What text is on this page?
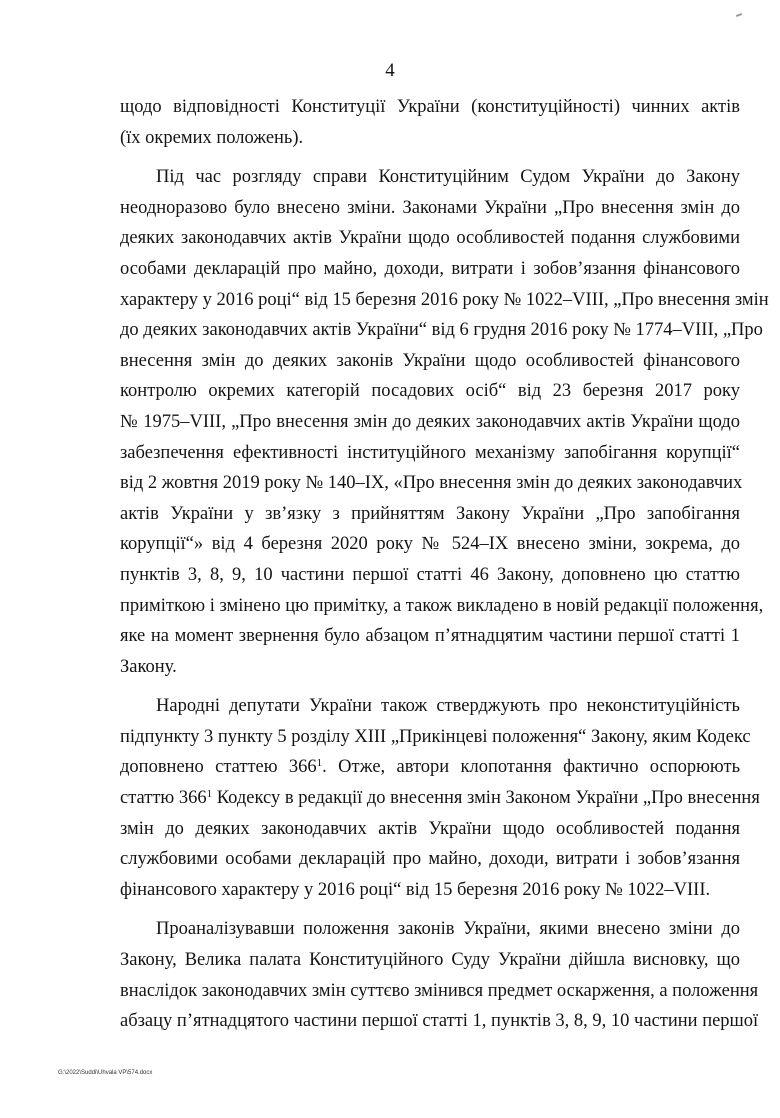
4
щодо відповідності Конституції України (конституційності) чинних актів
(їх окремих положень).
Під час розгляду справи Конституційним Судом України до Закону
неодноразово було внесено зміни. Законами України „Про внесення змін до
деяких законодавчих актів України щодо особливостей подання службовими
особами декларацій про майно, доходи, витрати і зобов’язання фінансового
характеру у 2016 році“ від 15 березня 2016 року № 1022–VIII, „Про внесення змін
до деяких законодавчих актів України“ від 6 грудня 2016 року № 1774–VIII, „Про
внесення змін до деяких законів України щодо особливостей фінансового
контролю окремих категорій посадових осіб“ від 23 березня 2017 року
№ 1975–VIII, „Про внесення змін до деяких законодавчих актів України щодо
забезпечення ефективності інституційного механізму запобігання корупції“
від 2 жовтня 2019 року № 140–IX, «Про внесення змін до деяких законодавчих
актів України у зв’язку з прийняттям Закону України „Про запобігання
корупції“» від 4 березня 2020 року № 524–IX внесено зміни, зокрема, до
пунктів 3, 8, 9, 10 частини першої статті 46 Закону, доповнено цю статтю
приміткою і змінено цю примітку, а також викладено в новій редакції положення,
яке на момент звернення було абзацом п’ятнадцятим частини першої статті 1
Закону.
Народні депутати України також стверджують про неконституційність
підпункту 3 пункту 5 розділу XIII „Прикінцеві положення“ Закону, яким Кодекс
доповнено статтею $366^1$. Отже, автори клопотання фактично оспорюють
статтю $366^1$ Кодексу в редакції до внесення змін Законом України „Про внесення
змін до деяких законодавчих актів України щодо особливостей подання
службовими особами декларацій про майно, доходи, витрати і зобов’язання
фінансового характеру у 2016 році“ від 15 березня 2016 року № 1022–VIII.
Проаналізувавши положення законів України, якими внесено зміни до
Закону, Велика палата Конституційного Суду України дійшла висновку, що
внаслідок законодавчих змін суттєво змінився предмет оскарження, а положення
абзацу п’ятнадцятого частини першої статті 1, пунктів 3, 8, 9, 10 частини першої
G:\2022\Suddi\Uhvala VP\574.docx
